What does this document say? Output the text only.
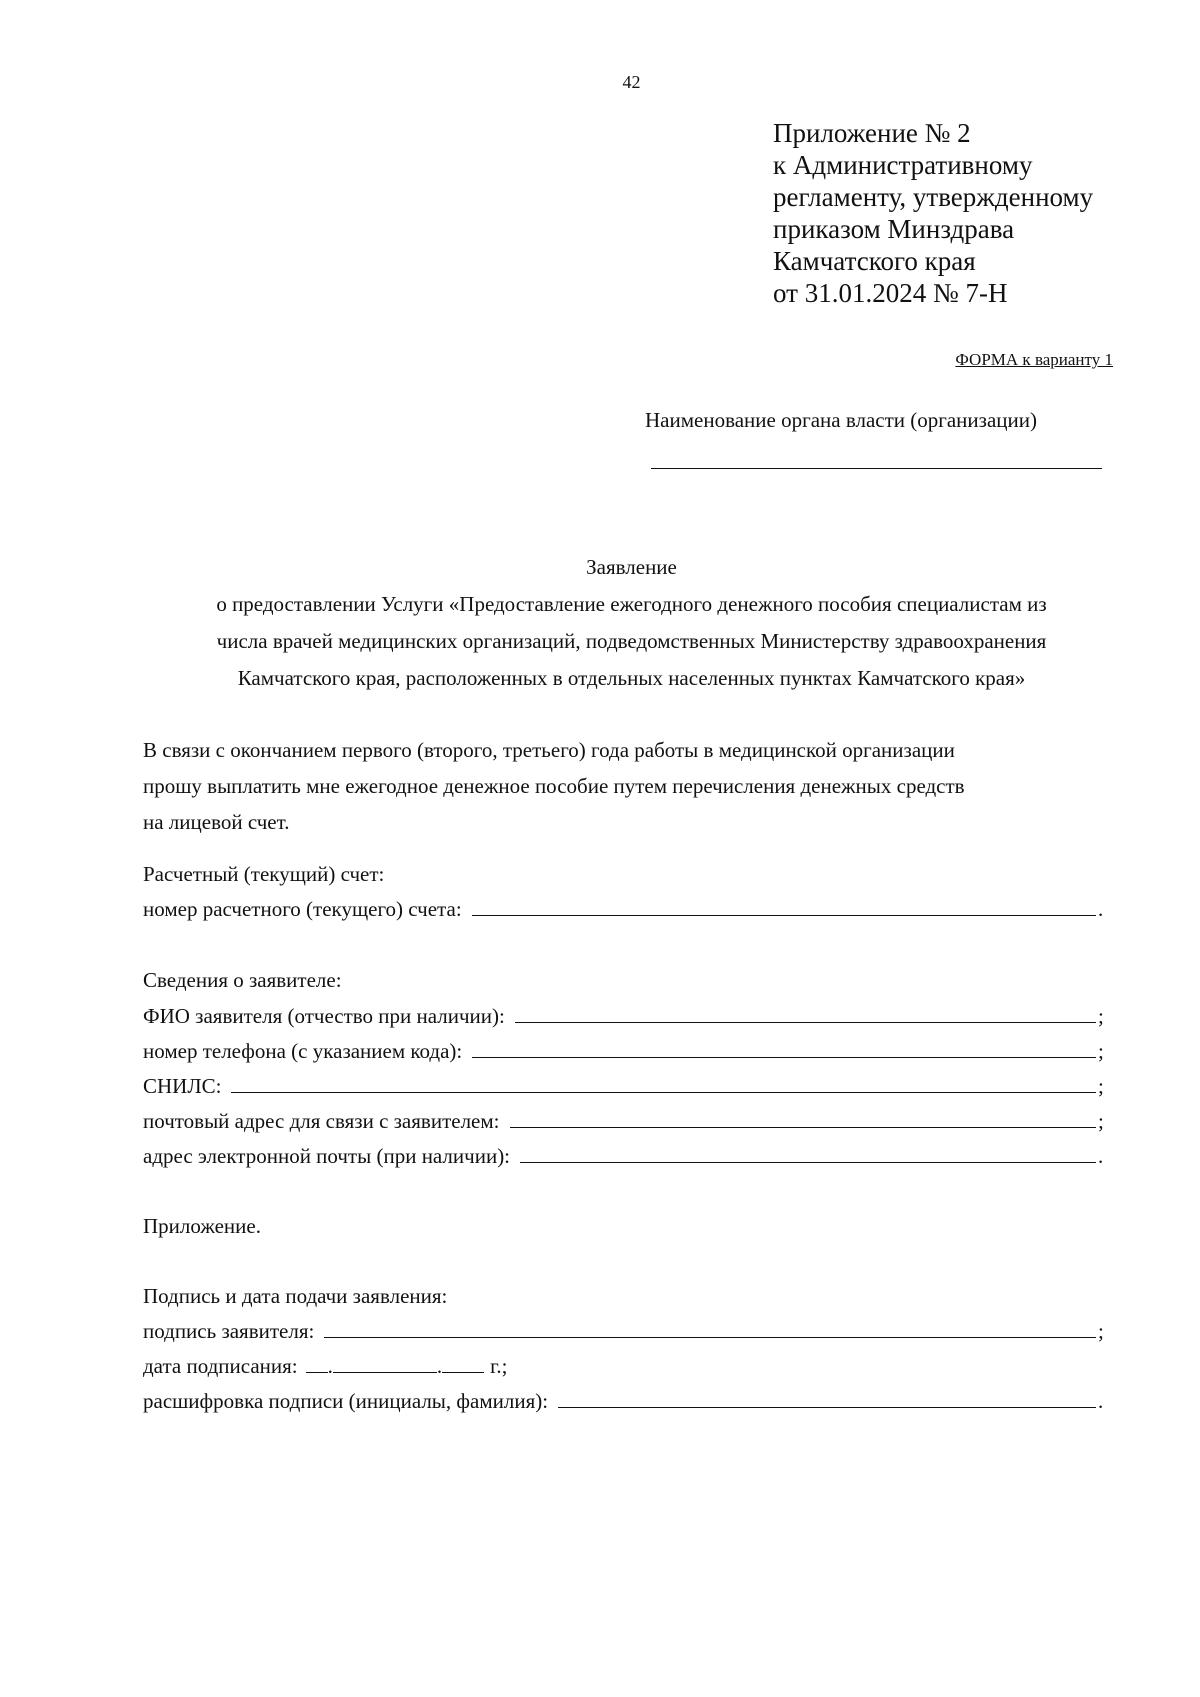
42
Приложение № 2
к Административному
регламенту, утвержденному
приказом Минздрава
Камчатского края
от 31.01.2024 № 7-Н
ФОРМА к варианту 1
Наименование органа власти (организации)
Заявление
о предоставлении Услуги «Предоставление ежегодного денежного пособия специалистам из
числа врачей медицинских организаций, подведомственных Министерству здравоохранения
Камчатского края, расположенных в отдельных населенных пунктах Камчатского края»
В связи с окончанием первого (второго, третьего) года работы в медицинской организации
прошу выплатить мне ежегодное денежное пособие путем перечисления денежных средств
на лицевой счет.
Расчетный (текущий) счет:
номер расчетного (текущего) счета:	.
Сведения о заявителе:
ФИО заявителя (отчество при наличии):	;
номер телефона (с указанием кода):	;
СНИЛС:	;
почтовый адрес для связи с заявителем:	;
адрес электронной почты (при наличии):	.
Приложение.
Подпись и дата подачи заявления:
подпись заявителя:	;
дата подписания: .	. г.;
расшифровка подписи (инициалы, фамилия):	.
